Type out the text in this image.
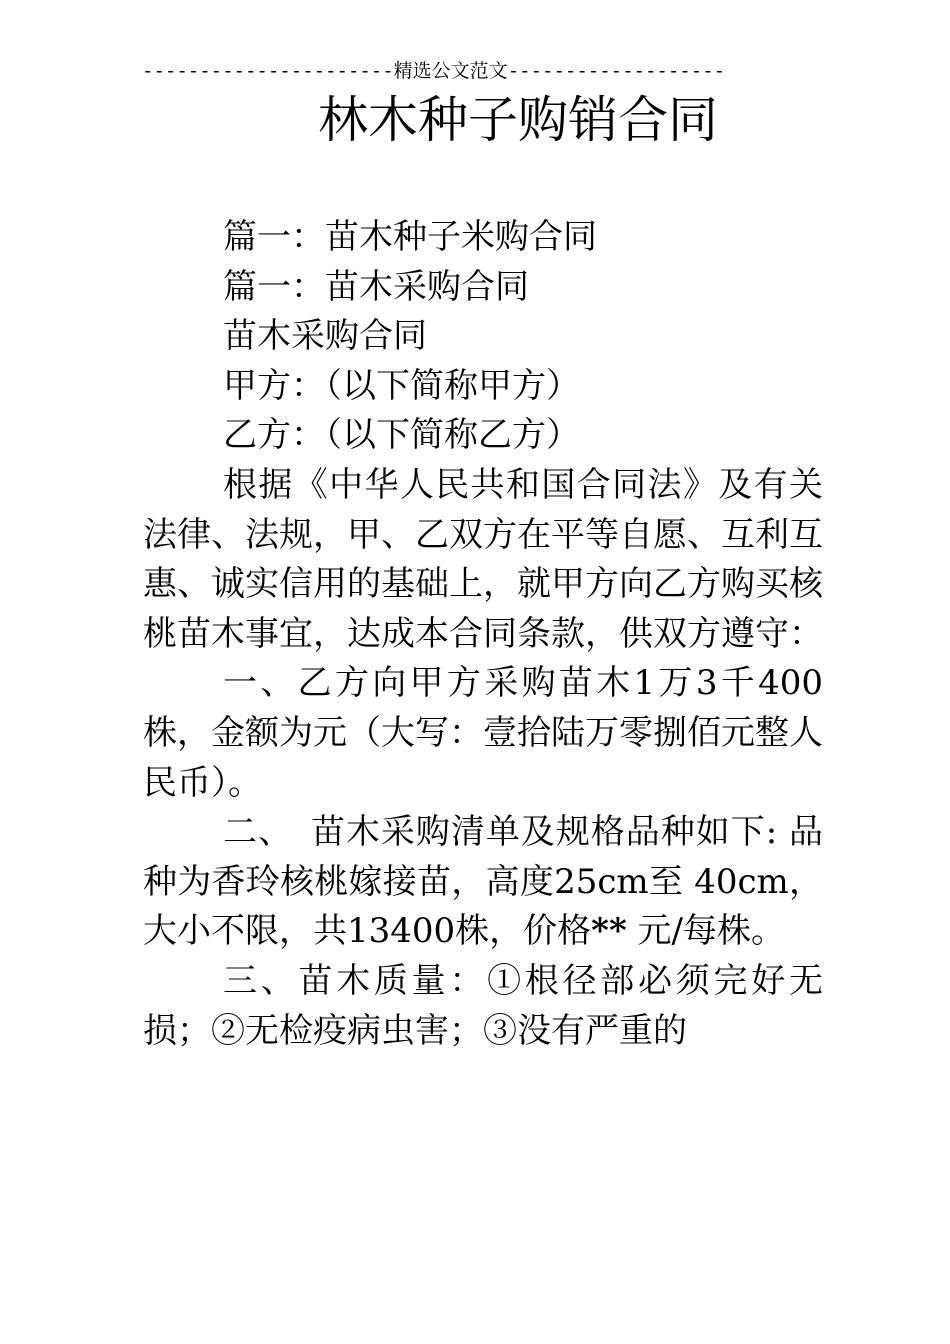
----------------------精选公文范文-------------------
林木种子购销合同

篇一：苗木种子米购合同

篇一：苗木采购合同

苗木采购合同

甲方：（以下简称甲方）

乙方：（以下简称乙方）

根据《中华人民共和国合同法》及有关法律、法规，甲、乙双方在平等自愿、互利互惠、诚实信用的基础上，就甲方向乙方购买核桃苗木事宜，达成本合同条款，供双方遵守：

一、乙方向甲方采购苗木1万3千400株，金额为元（大写：壹拾陆万零捌佰元整人民币）。

二、　苗木采购清单及规格品种如下: 品种为香玲核桃嫁接苗，高度25cm至 40cm，大小不限，共13400株，价格** 元/每株。

三、苗木质量：①根径部必须完好无损；②无检疫病虫害；③没有严重的
